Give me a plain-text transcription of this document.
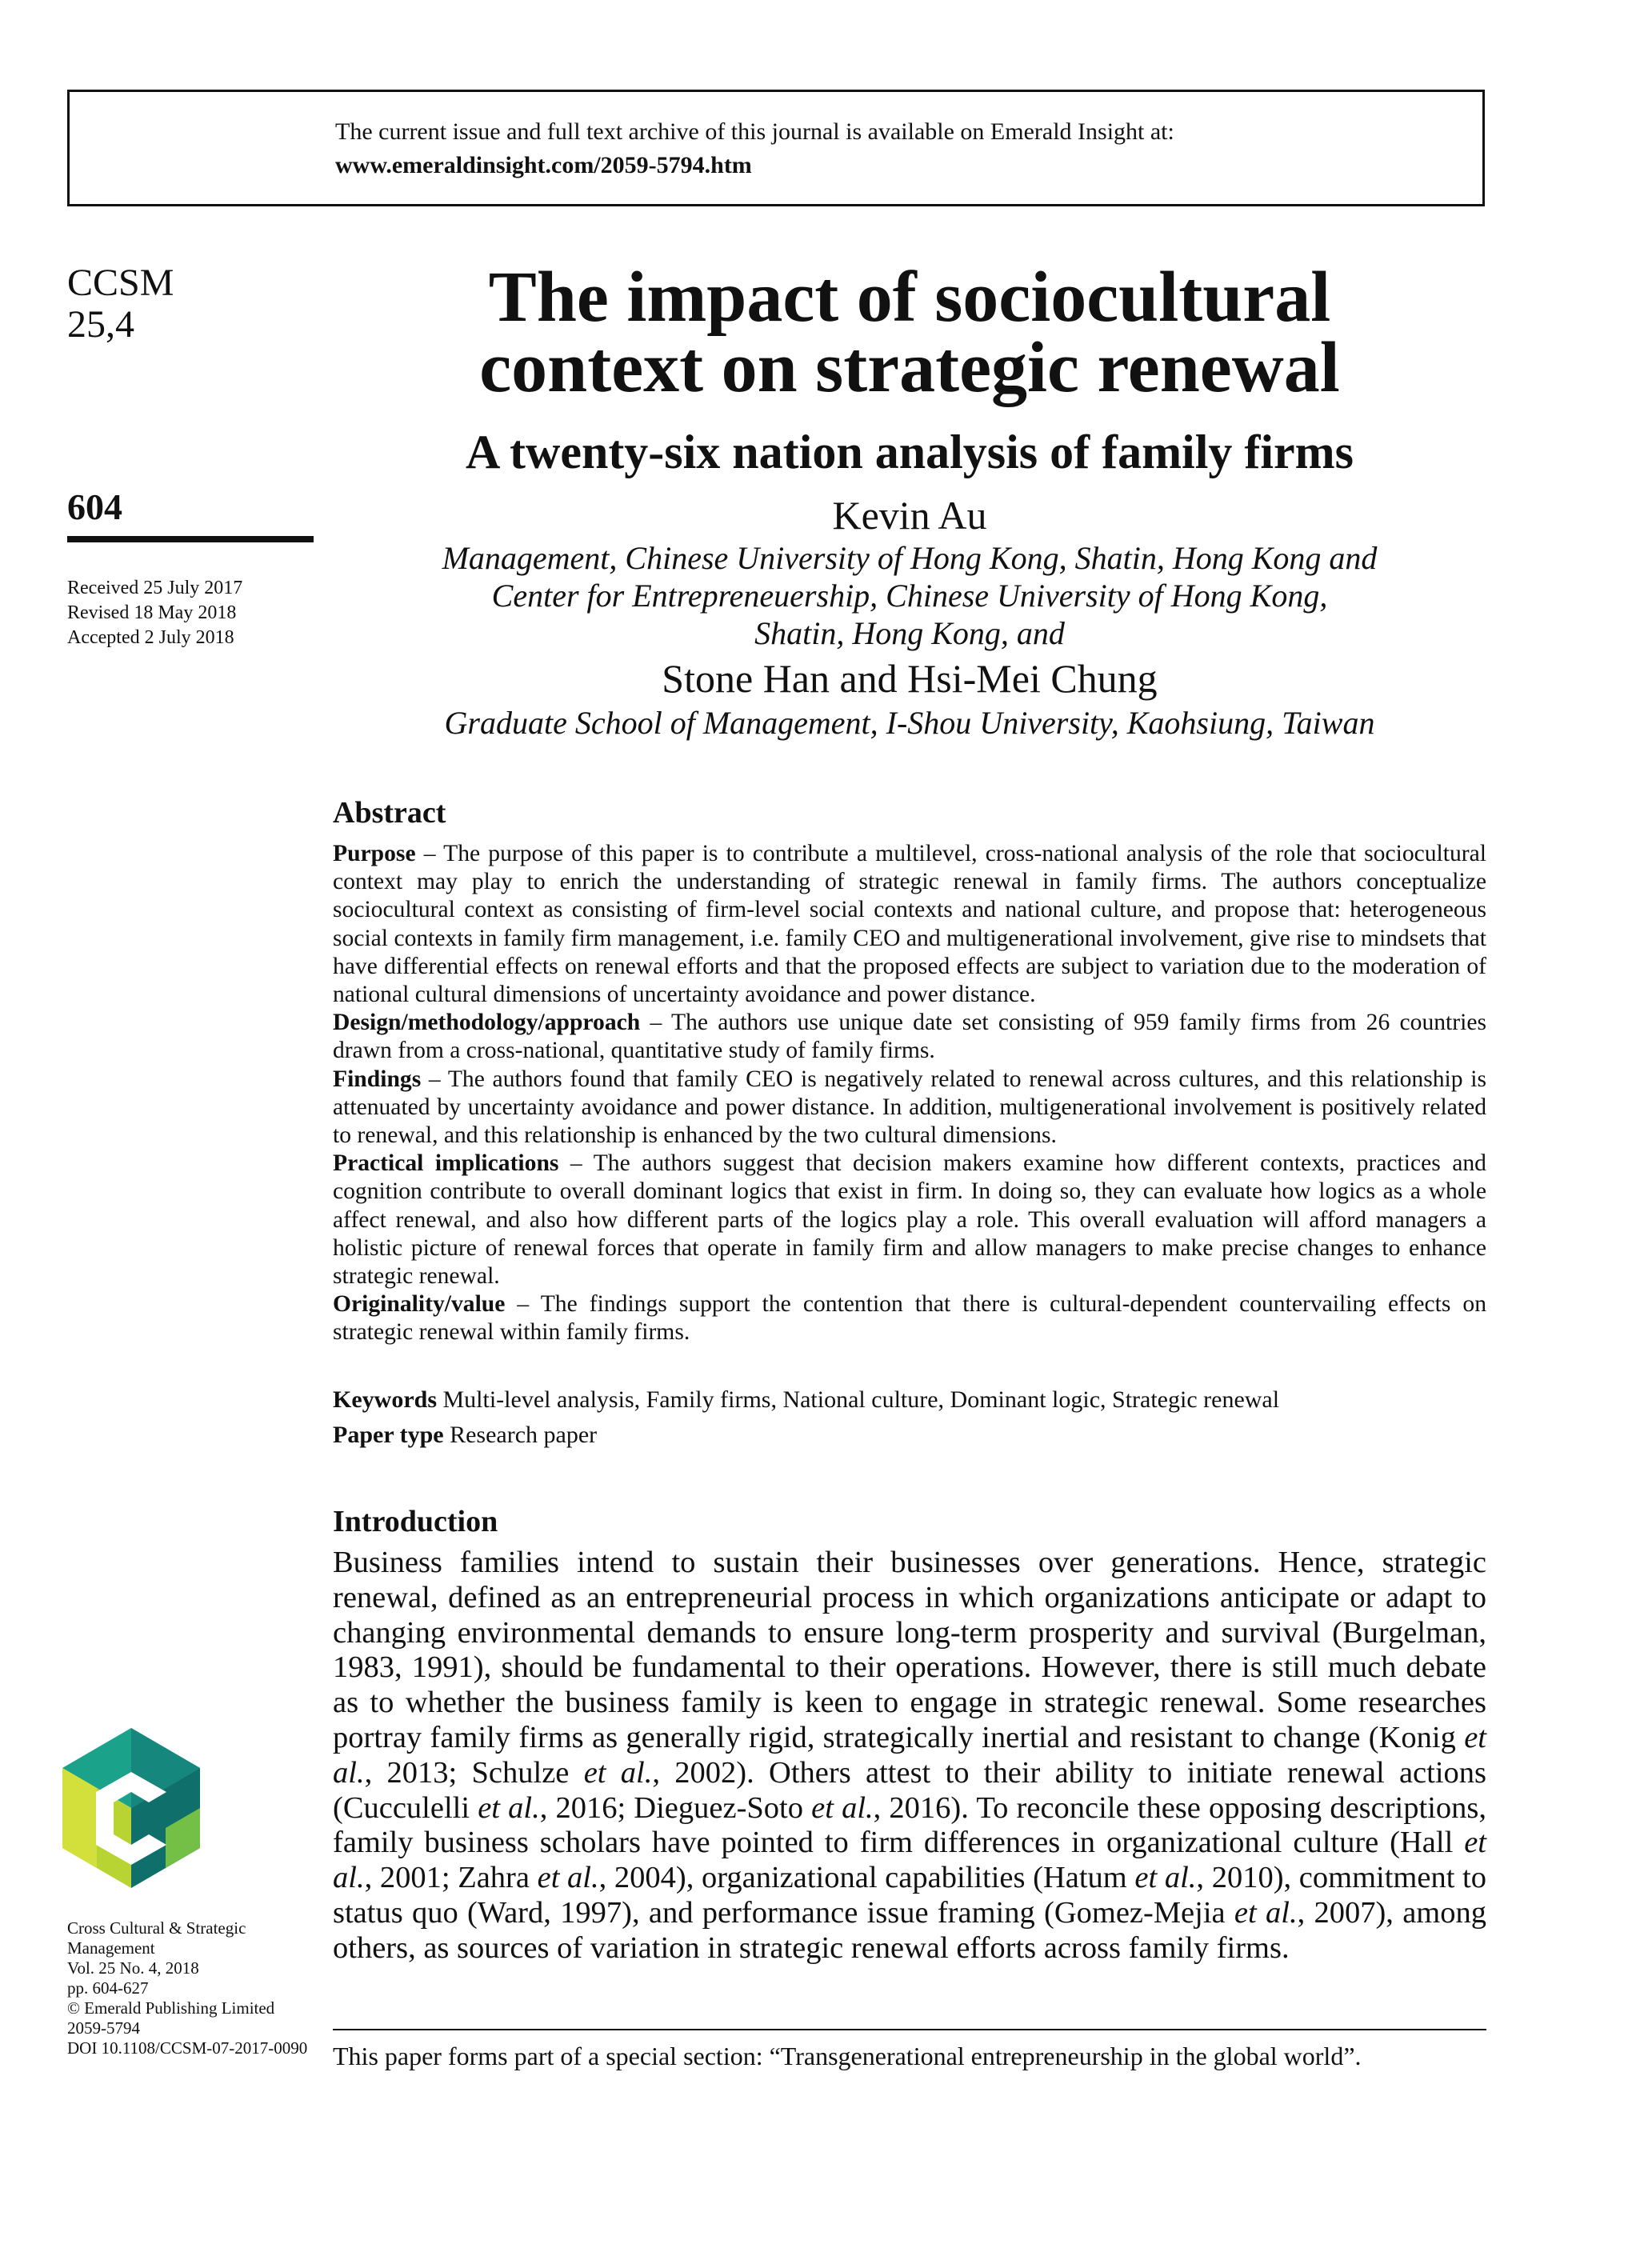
The current issue and full text archive of this journal is available on Emerald Insight at:
www.emeraldinsight.com/2059-5794.htm
CCSM
25,4
604
Received 25 July 2017
Revised 18 May 2018
Accepted 2 July 2018
Cross Cultural & Strategic
Management
Vol. 25 No. 4, 2018
pp. 604-627
© Emerald Publishing Limited
2059-5794
DOI 10.1108/CCSM-07-2017-0090
The impact of sociocultural
context on strategic renewal
A twenty-six nation analysis of family firms
Kevin Au
Management, Chinese University of Hong Kong, Shatin, Hong Kong and
Center for Entrepreneuership, Chinese University of Hong Kong,
Shatin, Hong Kong, and
Stone Han and Hsi-Mei Chung
Graduate School of Management, I-Shou University, Kaohsiung, Taiwan
Abstract

Purpose – The purpose of this paper is to contribute a multilevel, cross-national analysis of the role that sociocultural context may play to enrich the understanding of strategic renewal in family firms. The authors conceptualize sociocultural context as consisting of firm-level social contexts and national culture, and propose that: heterogeneous social contexts in family firm management, i.e. family CEO and multigenerational involvement, give rise to mindsets that have differential effects on renewal efforts and that the proposed effects are subject to variation due to the moderation of national cultural dimensions of uncertainty avoidance and power distance.

Design/methodology/approach – The authors use unique date set consisting of 959 family firms from 26 countries drawn from a cross-national, quantitative study of family firms.

Findings – The authors found that family CEO is negatively related to renewal across cultures, and this relationship is attenuated by uncertainty avoidance and power distance. In addition, multigenerational involvement is positively related to renewal, and this relationship is enhanced by the two cultural dimensions.

Practical implications – The authors suggest that decision makers examine how different contexts, practices and cognition contribute to overall dominant logics that exist in firm. In doing so, they can evaluate how logics as a whole affect renewal, and also how different parts of the logics play a role. This overall evaluation will afford managers a holistic picture of renewal forces that operate in family firm and allow managers to make precise changes to enhance strategic renewal.

Originality/value – The findings support the contention that there is cultural-dependent countervailing effects on strategic renewal within family firms.

Keywords Multi-level analysis, Family firms, National culture, Dominant logic, Strategic renewal
Paper type Research paper
Introduction

Business families intend to sustain their businesses over generations. Hence, strategic renewal, defined as an entrepreneurial process in which organizations anticipate or adapt to changing environmental demands to ensure long-term prosperity and survival (Burgelman, 1983, 1991), should be fundamental to their operations. However, there is still much debate as to whether the business family is keen to engage in strategic renewal. Some researches portray family firms as generally rigid, strategically inertial and resistant to change (Konig et al., 2013; Schulze et al., 2002). Others attest to their ability to initiate renewal actions (Cucculelli et al., 2016; Dieguez-Soto et al., 2016). To reconcile these opposing descriptions, family business scholars have pointed to firm differences in organizational culture (Hall et al., 2001; Zahra et al., 2004), organizational capabilities (Hatum et al., 2010), commitment to status quo (Ward, 1997), and performance issue framing (Gomez-Mejia et al., 2007), among others, as sources of variation in strategic renewal efforts across family firms.

This paper forms part of a special section: “Transgenerational entrepreneurship in the global world”.
